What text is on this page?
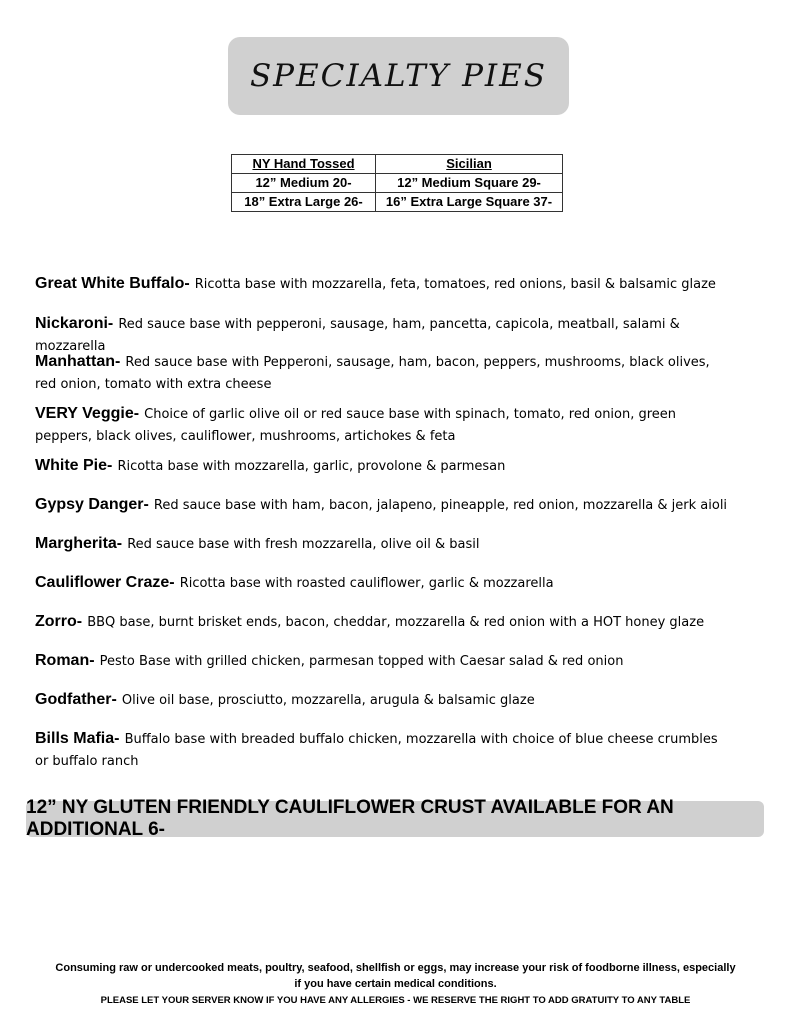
SPECIALTY PIES
NY Hand Tossed	Sicilian
12” Medium 20-	12” Medium Square 29-
18” Extra Large 26-	16” Extra Large Square 37-
Great White Buffalo- Ricotta base with mozzarella, feta, tomatoes, red onions, basil & balsamic glaze
Nickaroni- Red sauce base with pepperoni, sausage, ham, pancetta, capicola, meatball, salami & mozzarella
Manhattan- Red sauce base with Pepperoni, sausage, ham, bacon, peppers, mushrooms, black olives, red onion, tomato with extra cheese
VERY Veggie- Choice of garlic olive oil or red sauce base with spinach, tomato, red onion, green peppers, black olives, cauliflower, mushrooms, artichokes & feta
White Pie- Ricotta base with mozzarella, garlic, provolone & parmesan
Gypsy Danger- Red sauce base with ham, bacon, jalapeno, pineapple, red onion, mozzarella & jerk aioli
Margherita- Red sauce base with fresh mozzarella, olive oil & basil
Cauliflower Craze- Ricotta base with roasted cauliflower, garlic & mozzarella
Zorro- BBQ base, burnt brisket ends, bacon, cheddar, mozzarella & red onion with a HOT honey glaze
Roman- Pesto Base with grilled chicken, parmesan topped with Caesar salad & red onion
Godfather- Olive oil base, prosciutto, mozzarella, arugula & balsamic glaze
Bills Mafia- Buffalo base with breaded buffalo chicken, mozzarella with choice of blue cheese crumbles or buffalo ranch
12” NY GLUTEN FRIENDLY CAULIFLOWER CRUST AVAILABLE FOR AN ADDITIONAL 6-
Consuming raw or undercooked meats, poultry, seafood, shellfish or eggs, may increase your risk of foodborne illness, especially
if you have certain medical conditions.
PLEASE LET YOUR SERVER KNOW IF YOU HAVE ANY ALLERGIES - WE RESERVE THE RIGHT TO ADD GRATUITY TO ANY TABLE
